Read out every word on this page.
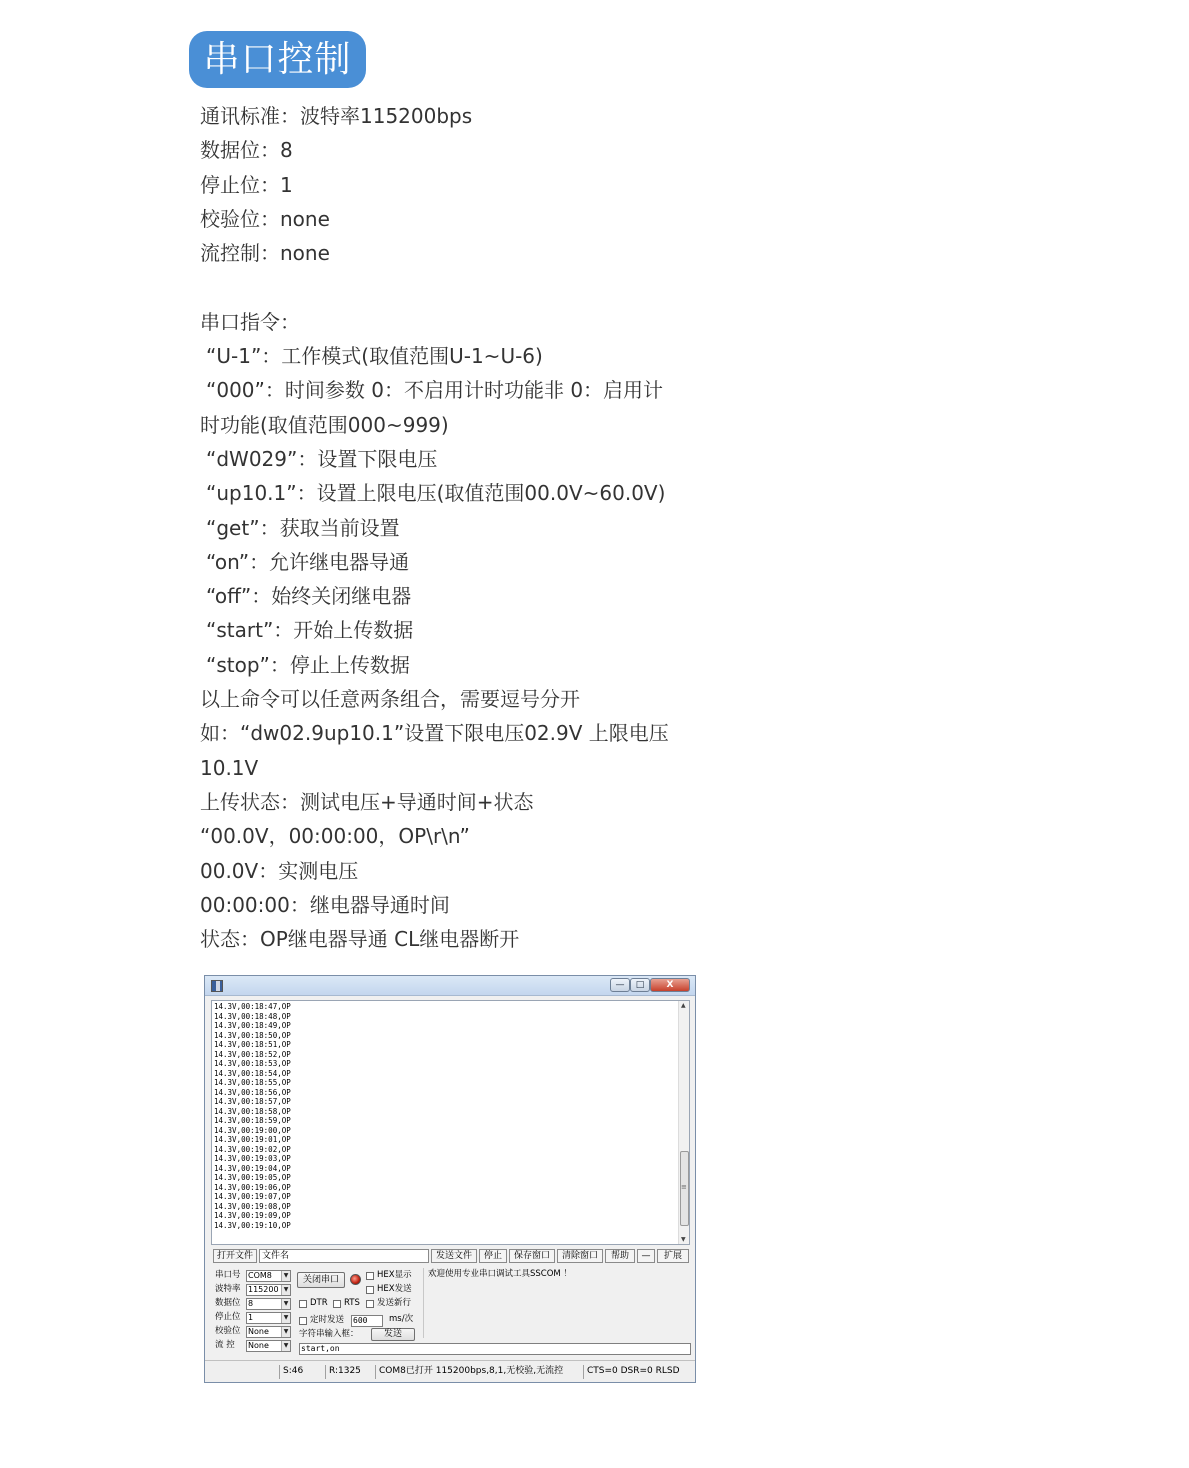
串口控制
通讯标准：波特率115200bps
数据位：8
停止位：1
校验位：none
流控制：none
串口指令：
“U-1”：工作模式(取值范围U-1~U-6)
“000”：时间参数 0：不启用计时功能非 0：启用计
时功能(取值范围000~999)
“dW029”：设置下限电压
“up10.1”：设置上限电压(取值范围00.0V~60.0V)
“get”：获取当前设置
“on”：允许继电器导通
“off”：始终关闭继电器
“start”：开始上传数据
“stop”：停止上传数据
以上命令可以任意两条组合，需要逗号分开
如：“dw02.9up10.1”设置下限电压02.9V 上限电压
10.1V
上传状态：测试电压+导通时间+状态
“00.0V，00:00:00，OP\r\n”
00.0V：实测电压
00:00:00：继电器导通时间
状态：OP继电器导通 CL继电器断开
—	□	X
14.3V,00:18:47,OP
14.3V,00:18:48,OP
14.3V,00:18:49,OP
14.3V,00:18:50,OP
14.3V,00:18:51,OP
14.3V,00:18:52,OP
14.3V,00:18:53,OP
14.3V,00:18:54,OP
14.3V,00:18:55,OP
14.3V,00:18:56,OP
14.3V,00:18:57,OP
14.3V,00:18:58,OP
14.3V,00:18:59,OP
14.3V,00:19:00,OP
14.3V,00:19:01,OP
14.3V,00:19:02,OP
14.3V,00:19:03,OP
14.3V,00:19:04,OP
14.3V,00:19:05,OP
14.3V,00:19:06,OP
14.3V,00:19:07,OP
14.3V,00:19:08,OP
14.3V,00:19:09,OP
14.3V,00:19:10,OP
▲
≡
▼
打开文件	文件名	发送文件	停止	保存窗口	清除窗口	帮助	—	扩展
串口号 COM8	▼
波特率 115200 ▼
数据位 8	▼
停止位 1	▼
校验位 None	▼
流 控 None	▼
关闭串口	HEX显示
HEX发送
DTR RTS 发送新行
定时发送 600	ms/次
字符串输入框：	发送
start,on
欢迎使用专业串口调试工具SSCOM ！
S:46	R:1325	COM8已打开 115200bps,8,1,无校验,无流控	CTS=0 DSR=0 RLSD
